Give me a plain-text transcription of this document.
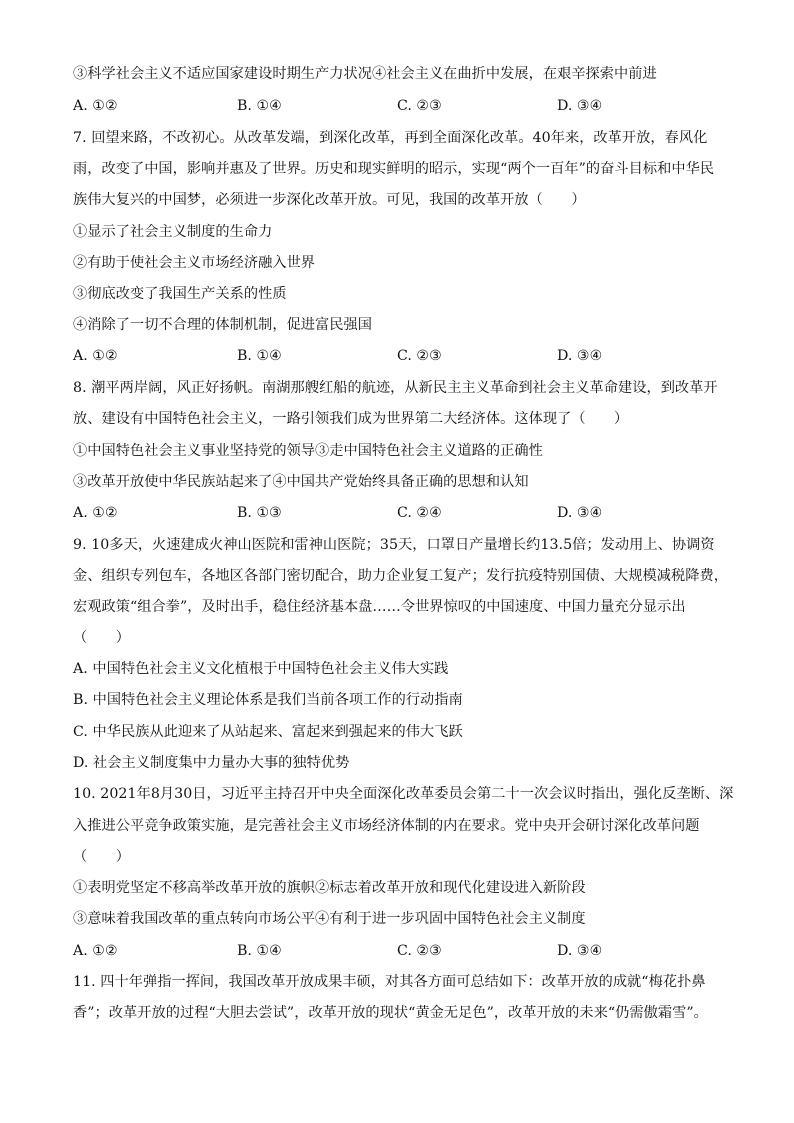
③科学社会主义不适应国家建设时期生产力状况④社会主义在曲折中发展，在艰辛探索中前进
A. ①②	B. ①④	C. ②③	D. ③④
7. 回望来路，不改初心。从改革发端，到深化改革，再到全面深化改革。40年来，改革开放，春风化
雨，改变了中国，影响并惠及了世界。历史和现实鲜明的昭示，实现“两个一百年”的奋斗目标和中华民
族伟大复兴的中国梦，必须进一步深化改革开放。可见，我国的改革开放（　　）
①显示了社会主义制度的生命力
②有助于使社会主义市场经济融入世界
③彻底改变了我国生产关系的性质
④消除了一切不合理的体制机制，促进富民强国
A. ①②	B. ①④	C. ②③	D. ③④
8. 潮平两岸阔，风正好扬帆。南湖那艘红船的航迹，从新民主主义革命到社会主义革命建设，到改革开
放、建设有中国特色社会主义，一路引领我们成为世界第二大经济体。这体现了（　　）
①中国特色社会主义事业坚持党的领导③走中国特色社会主义道路的正确性
③改革开放使中华民族站起来了④中国共产党始终具备正确的思想和认知
A. ①②	B. ①③	C. ②④	D. ③④
9. 10多天，火速建成火神山医院和雷神山医院；35天，口罩日产量增长约13.5倍；发动用上、协调资
金、组织专列包车，各地区各部门密切配合，助力企业复工复产；发行抗疫特别国债、大规模减税降费，
宏观政策“组合拳”，及时出手，稳住经济基本盘……令世界惊叹的中国速度、中国力量充分显示出
（　　）
A. 中国特色社会主义文化植根于中国特色社会主义伟大实践
B. 中国特色社会主义理论体系是我们当前各项工作的行动指南
C. 中华民族从此迎来了从站起来、富起来到强起来的伟大飞跃
D. 社会主义制度集中力量办大事的独特优势
10. 2021年8月30日，习近平主持召开中央全面深化改革委员会第二十一次会议时指出，强化反垄断、深
入推进公平竞争政策实施，是完善社会主义市场经济体制的内在要求。党中央开会研讨深化改革问题
（　　）
①表明党坚定不移高举改革开放的旗帜②标志着改革开放和现代化建设进入新阶段
③意味着我国改革的重点转向市场公平④有利于进一步巩固中国特色社会主义制度
A. ①②	B. ①④	C. ②③	D. ③④
11. 四十年弹指一挥间，我国改革开放成果丰硕，对其各方面可总结如下：改革开放的成就“梅花扑鼻
香”；改革开放的过程“大胆去尝试”，改革开放的现状“黄金无足色”，改革开放的未来“仍需傲霜雪”。
